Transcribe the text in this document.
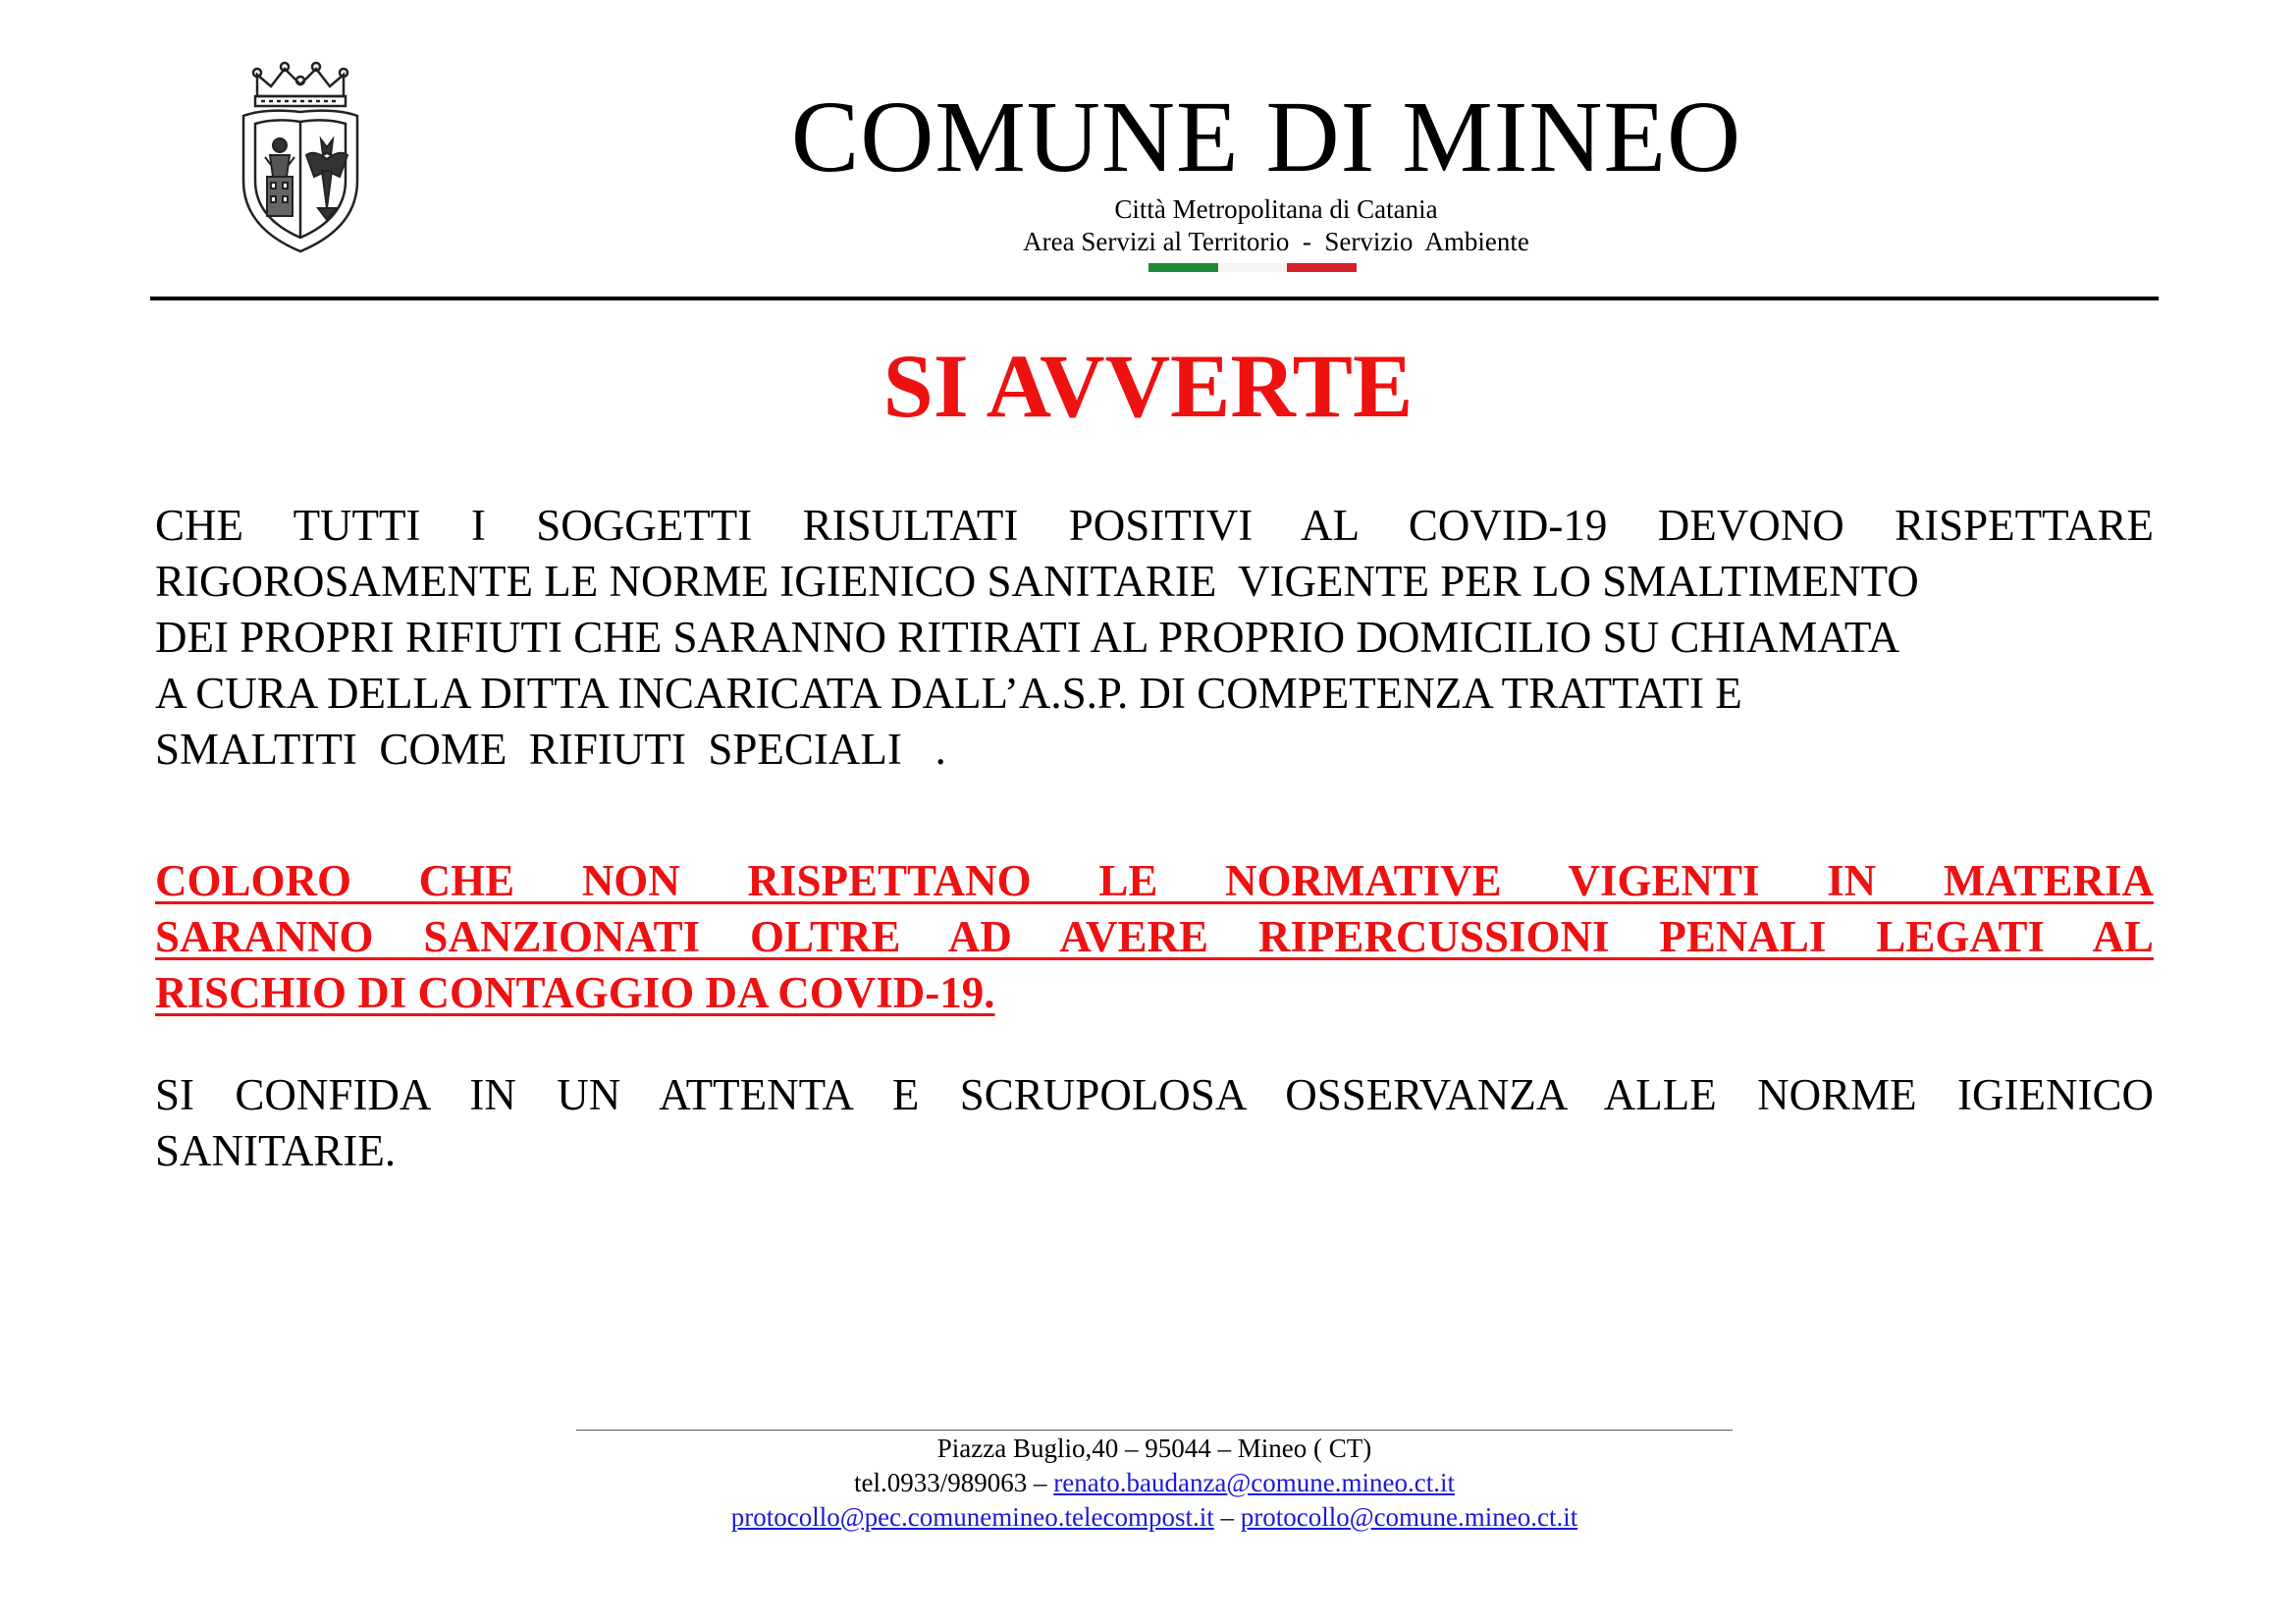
COMUNE DI MINEO
Città Metropolitana di Catania
Area Servizi al Territorio  -  Servizio  Ambiente
SI AVVERTE
CHE TUTTI I SOGGETTI RISULTATI POSITIVI AL COVID-19 DEVONO RISPETTARE
RIGOROSAMENTE LE NORME IGIENICO SANITARIE  VIGENTE PER LO SMALTIMENTO
DEI PROPRI RIFIUTI CHE SARANNO RITIRATI AL PROPRIO DOMICILIO SU CHIAMATA
A CURA DELLA DITTA INCARICATA DALL’A.S.P. DI COMPETENZA TRATTATI E
SMALTITI  COME  RIFIUTI  SPECIALI   .
COLORO CHE NON RISPETTANO LE NORMATIVE VIGENTI IN MATERIA
SARANNO SANZIONATI OLTRE AD AVERE RIPERCUSSIONI PENALI LEGATI AL
RISCHIO DI CONTAGGIO DA COVID-19.
SI CONFIDA IN UN ATTENTA E SCRUPOLOSA OSSERVANZA ALLE NORME IGIENICO
SANITARIE.
Piazza Buglio,40 – 95044 – Mineo ( CT)
tel.0933/989063 – renato.baudanza@comune.mineo.ct.it
protocollo@pec.comunemineo.telecompost.it – protocollo@comune.mineo.ct.it
